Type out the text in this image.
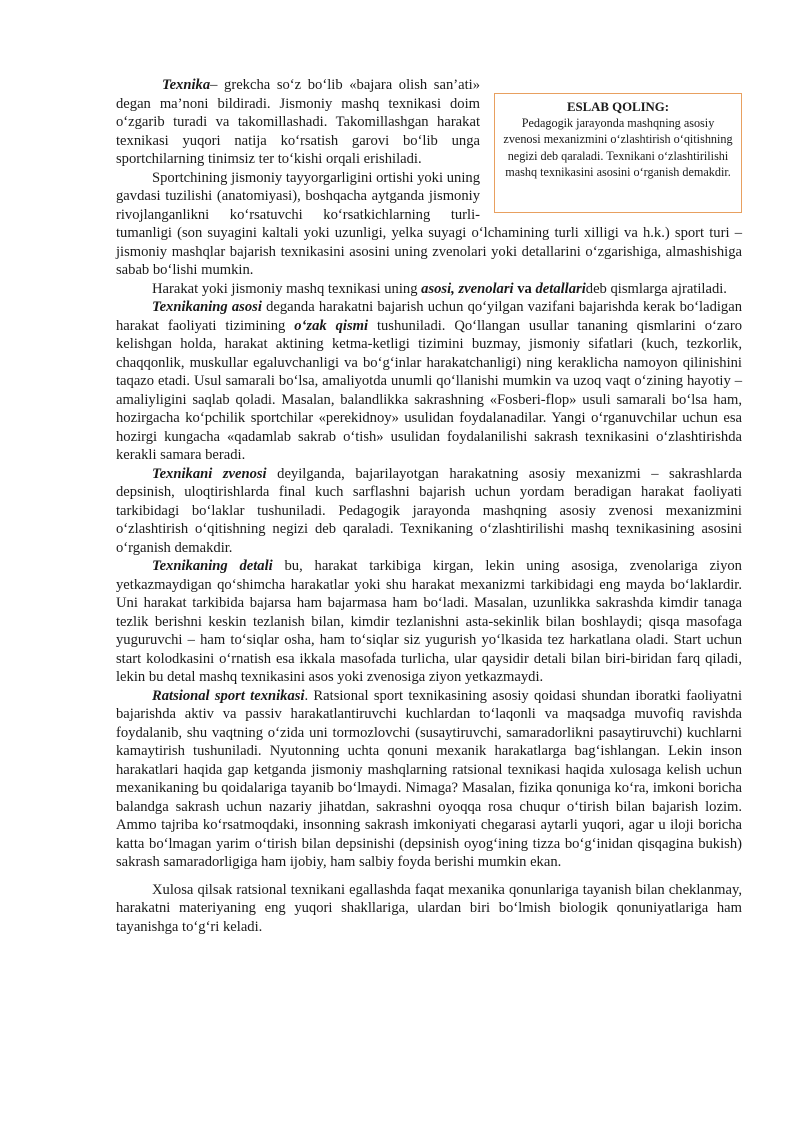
ESLAB QOLING:
Pedagogik jarayonda mashqning asosiy zvenosi mexanizmini o‘zlashtirish o‘qitishning negizi deb qaraladi. Texnikani o‘zlashtirilishi mashq texnikasini asosini o‘rganish demakdir.

Texnika– grekcha so‘z bo‘lib «bajara olish san’ati» degan ma’noni bildiradi. Jismoniy mashq texnikasi doim o‘zgarib turadi va takomillashadi. Takomillashgan harakat texnikasi yuqori natija ko‘rsatish garovi bo‘lib unga sportchilarning tinimsiz ter to‘kishi orqali erishiladi.

Sportchining jismoniy tayyorgarligini ortishi yoki uning gavdasi tuzilishi (anatomiyasi), boshqacha aytganda jismoniy rivojlanganlikni ko‘rsatuvchi ko‘rsatkichlarning turli-tumanligi (son suyagini kaltali yoki uzunligi, yelka suyagi o‘lchamining turli xilligi va h.k.) sport turi – jismoniy mashqlar bajarish texnikasini asosini uning zvenolari yoki detallarini o‘zgarishiga, almashishiga sabab bo‘lishi mumkin.

Harakat yoki jismoniy mashq texnikasi uning asosi, zvenolari va detallarideb qismlarga ajratiladi.

Texnikaning asosi deganda harakatni bajarish uchun qo‘yilgan vazifani bajarishda kerak bo‘ladigan harakat faoliyati tizimining o‘zak qismi tushuniladi. Qo‘llangan usullar tananing qismlarini o‘zaro kelishgan holda, harakat aktining ketma-ketligi tizimini buzmay, jismoniy sifatlari (kuch, tezkorlik, chaqqonlik, muskullar egaluvchanligi va bo‘g‘inlar harakatchanligi) ning keraklicha namoyon qilinishini taqazo etadi. Usul samarali bo‘lsa, amaliyotda unumli qo‘llanishi mumkin va uzoq vaqt o‘zining hayotiy – amaliyligini saqlab qoladi. Masalan, balandlikka sakrashning «Fosberi-flop» usuli samarali bo‘lsa ham, hozirgacha ko‘pchilik sportchilar «perekidnoy» usulidan foydalanadilar. Yangi o‘rganuvchilar uchun esa hozirgi kungacha «qadamlab sakrab o‘tish» usulidan foydalanilishi sakrash texnikasini o‘zlashtirishda kerakli samara beradi.

Texnikani zvenosi deyilganda, bajarilayotgan harakatning asosiy mexanizmi – sakrashlarda depsinish, uloqtirishlarda final kuch sarflashni bajarish uchun yordam beradigan harakat faoliyati tarkibidagi bo‘laklar tushuniladi. Pedagogik jarayonda mashqning asosiy zvenosi mexanizmini o‘zlashtirish o‘qitishning negizi deb qaraladi. Texnikaning o‘zlashtirilishi mashq texnikasining asosini o‘rganish demakdir.

Texnikaning detali bu, harakat tarkibiga kirgan, lekin uning asosiga, zvenolariga ziyon yetkazmaydigan qo‘shimcha harakatlar yoki shu harakat mexanizmi tarkibidagi eng mayda bo‘laklardir. Uni harakat tarkibida bajarsa ham bajarmasa ham bo‘ladi. Masalan, uzunlikka sakrashda kimdir tanaga tezlik berishni keskin tezlanish bilan, kimdir tezlanishni asta-sekinlik bilan boshlaydi; qisqa masofaga yuguruvchi – ham to‘siqlar osha, ham to‘siqlar siz yugurish yo‘lkasida tez harkatlana oladi. Start uchun start kolodkasini o‘rnatish esa ikkala masofada turlicha, ular qaysidir detali bilan biri-biridan farq qiladi, lekin bu detal mashq texnikasini asos yoki zvenosiga ziyon yetkazmaydi.

Ratsional sport texnikasi. Ratsional sport texnikasining asosiy qoidasi shundan iboratki faoliyatni bajarishda aktiv va passiv harakatlantiruvchi kuchlardan to‘laqonli va maqsadga muvofiq ravishda foydalanib, shu vaqtning o‘zida uni tormozlovchi (susaytiruvchi, samaradorlikni pasaytiruvchi) kuchlarni kamaytirish tushuniladi. Nyutonning uchta qonuni mexanik harakatlarga bag‘ishlangan. Lekin inson harakatlari haqida gap ketganda jismoniy mashqlarning ratsional texnikasi haqida xulosaga kelish uchun mexanikaning bu qoidalariga tayanib bo‘lmaydi. Nimaga? Masalan, fizika qonuniga ko‘ra, imkoni boricha balandga sakrash uchun nazariy jihatdan, sakrashni oyoqqa rosa chuqur o‘tirish bilan bajarish lozim. Ammo tajriba ko‘rsatmoqdaki, insonning sakrash imkoniyati chegarasi aytarli yuqori, agar u iloji boricha katta bo‘lmagan yarim o‘tirish bilan depsinishi (depsinish oyog‘ining tizza bo‘g‘inidan qisqagina bukish) sakrash samaradorligiga ham ijobiy, ham salbiy foyda berishi mumkin ekan.

Xulosa qilsak ratsional texnikani egallashda faqat mexanika qonunlariga tayanish bilan cheklanmay, harakatni materiyaning eng yuqori shakllariga, ulardan biri bo‘lmish biologik qonuniyatlariga ham tayanishga to‘g‘ri keladi.
